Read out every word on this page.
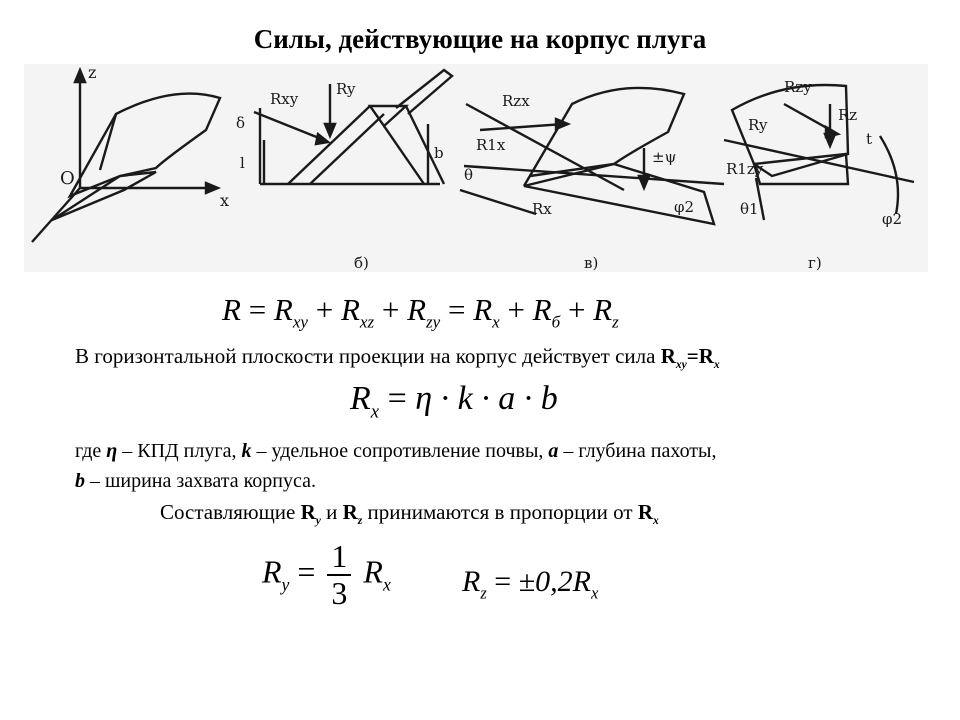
Силы, действующие на корпус плуга
z
x
O
Rxy
Ry
δ
l
b
б)
Rzx
R1x
±ψ
Rx	φ2
θ
в)
Rzy
Rz
Ry
R1zy
t
φ2
θ1
г)
$R = R_{xy} + R_{xz} + R_{zy} = R_x + R_б + R_z$
В горизонтальной плоскости проекции на корпус действует сила $R_{xy}=R_x$
$R_x = \eta \cdot k \cdot a \cdot b$
где η – КПД плуга, k – удельное сопротивление почвы, a – глубина пахоты,
b – ширина захвата корпуса.
Составляющие $R_y$ и $R_z$ принимаются в пропорции от $R_x$
$R_y = \frac{1}{3} R_x$ $R_z = \pm 0,2R_x$
